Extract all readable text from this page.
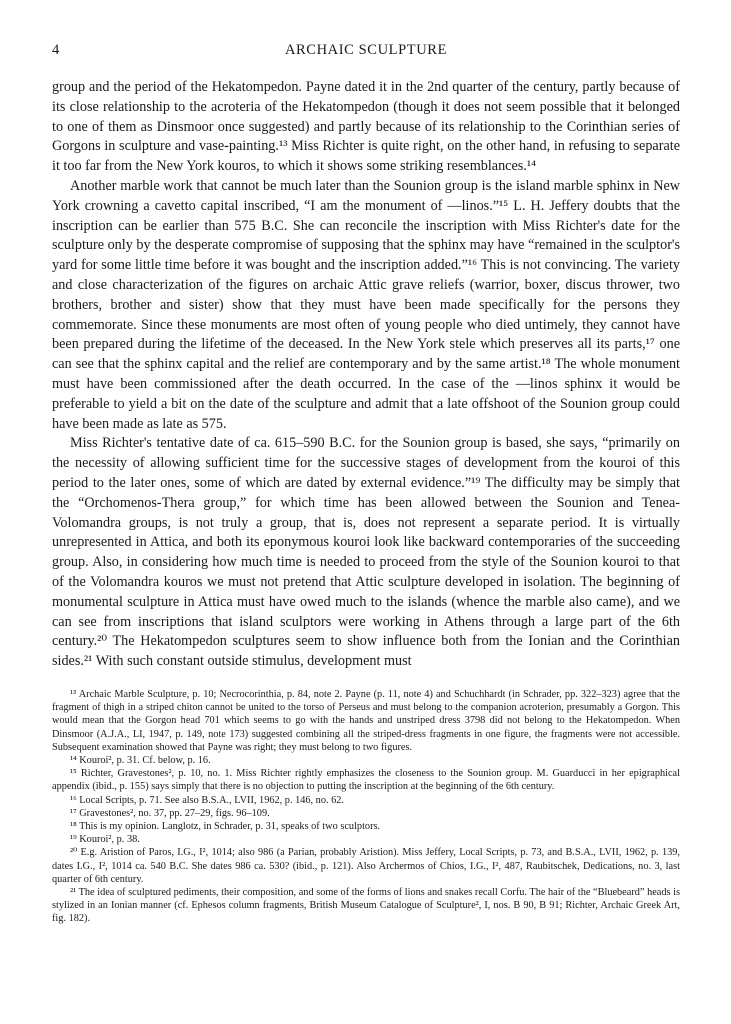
4	ARCHAIC SCULPTURE

group and the period of the Hekatompedon. Payne dated it in the 2nd quarter of the century, partly because of its close relationship to the acroteria of the Hekatompedon (though it does not seem possible that it belonged to one of them as Dinsmoor once suggested) and partly because of its relationship to the Corinthian series of Gorgons in sculpture and vase-painting.¹³ Miss Richter is quite right, on the other hand, in refusing to separate it too far from the New York kouros, to which it shows some striking resemblances.¹⁴

Another marble work that cannot be much later than the Sounion group is the island marble sphinx in New York crowning a cavetto capital inscribed, “I am the monument of —linos.”¹⁵ L. H. Jeffery doubts that the inscription can be earlier than 575 B.C. She can reconcile the inscription with Miss Richter's date for the sculpture only by the desperate compromise of supposing that the sphinx may have “remained in the sculptor's yard for some little time before it was bought and the inscription added.”¹⁶ This is not convincing. The variety and close characterization of the figures on archaic Attic grave reliefs (warrior, boxer, discus thrower, two brothers, brother and sister) show that they must have been made specifically for the persons they commemorate. Since these monuments are most often of young people who died untimely, they cannot have been prepared during the lifetime of the deceased. In the New York stele which preserves all its parts,¹⁷ one can see that the sphinx capital and the relief are contemporary and by the same artist.¹⁸ The whole monument must have been commissioned after the death occurred. In the case of the —linos sphinx it would be preferable to yield a bit on the date of the sculpture and admit that a late offshoot of the Sounion group could have been made as late as 575.

Miss Richter's tentative date of ca. 615–590 B.C. for the Sounion group is based, she says, “primarily on the necessity of allowing sufficient time for the successive stages of development from the kouroi of this period to the later ones, some of which are dated by external evidence.”¹⁹ The difficulty may be simply that the “Orchomenos-Thera group,” for which time has been allowed between the Sounion and Tenea-Volomandra groups, is not truly a group, that is, does not represent a separate period. It is virtually unrepresented in Attica, and both its eponymous kouroi look like backward contemporaries of the succeeding group. Also, in considering how much time is needed to proceed from the style of the Sounion kouroi to that of the Volomandra kouros we must not pretend that Attic sculpture developed in isolation. The beginning of monumental sculpture in Attica must have owed much to the islands (whence the marble also came), and we can see from inscriptions that island sculptors were working in Athens through a large part of the 6th century.²⁰ The Hekatompedon sculptures seem to show influence both from the Ionian and the Corinthian sides.²¹ With such constant outside stimulus, development must

¹³ Archaic Marble Sculpture, p. 10; Necrocorinthia, p. 84, note 2. Payne (p. 11, note 4) and Schuchhardt (in Schrader, pp. 322–323) agree that the fragment of thigh in a striped chiton cannot be united to the torso of Perseus and must belong to the companion acroterion, presumably a Gorgon. This would mean that the Gorgon head 701 which seems to go with the hands and unstriped dress 3798 did not belong to the Hekatompedon. When Dinsmoor (A.J.A., LI, 1947, p. 149, note 173) suggested combining all the striped-dress fragments in one figure, the fragments were not accessible. Subsequent examination showed that Payne was right; they must belong to two figures.

¹⁴ Kouroi², p. 31. Cf. below, p. 16.

¹⁵ Richter, Gravestones², p. 10, no. 1. Miss Richter rightly emphasizes the closeness to the Sounion group. M. Guarducci in her epigraphical appendix (ibid., p. 155) says simply that there is no objection to putting the inscription at the beginning of the 6th century.

¹⁶ Local Scripts, p. 71. See also B.S.A., LVII, 1962, p. 146, no. 62.

¹⁷ Gravestones², no. 37, pp. 27–29, figs. 96–109.

¹⁸ This is my opinion. Langlotz, in Schrader, p. 31, speaks of two sculptors.

¹⁹ Kouroi², p. 38.

²⁰ E.g. Aristion of Paros, I.G., I², 1014; also 986 (a Parian, probably Aristion). Miss Jeffery, Local Scripts, p. 73, and B.S.A., LVII, 1962, p. 139, dates I.G., I², 1014 ca. 540 B.C. She dates 986 ca. 530? (ibid., p. 121). Also Archermos of Chios, I.G., I², 487, Raubitschek, Dedications, no. 3, last quarter of 6th century.

²¹ The idea of sculptured pediments, their composition, and some of the forms of lions and snakes recall Corfu. The hair of the “Bluebeard” heads is stylized in an Ionian manner (cf. Ephesos column fragments, British Museum Catalogue of Sculpture², I, nos. B 90, B 91; Richter, Archaic Greek Art, fig. 182).
